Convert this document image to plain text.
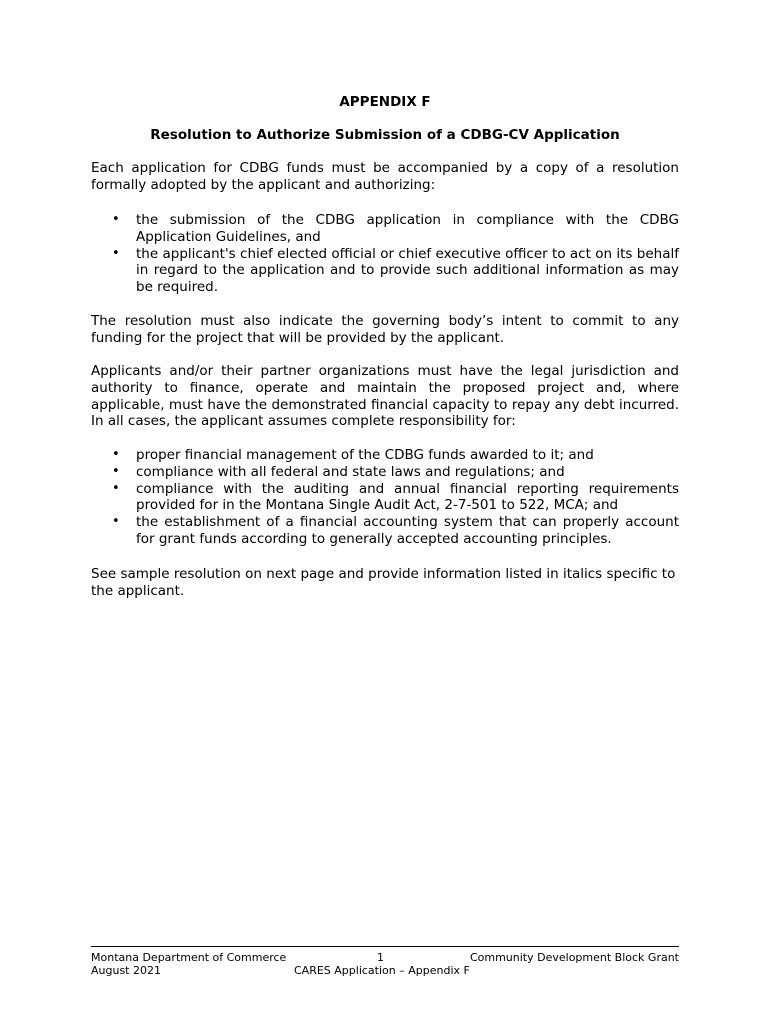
APPENDIX F

Resolution to Authorize Submission of a CDBG-CV Application

Each application for CDBG funds must be accompanied by a copy of a resolution formally adopted by the applicant and authorizing:

• the submission of the CDBG application in compliance with the CDBG Application Guidelines, and
• the applicant's chief elected official or chief executive officer to act on its behalf in regard to the application and to provide such additional information as may be required.

The resolution must also indicate the governing body’s intent to commit to any funding for the project that will be provided by the applicant.

Applicants and/or their partner organizations must have the legal jurisdiction and authority to finance, operate and maintain the proposed project and, where applicable, must have the demonstrated financial capacity to repay any debt incurred. In all cases, the applicant assumes complete responsibility for:

• proper financial management of the CDBG funds awarded to it; and
• compliance with all federal and state laws and regulations; and
• compliance with the auditing and annual financial reporting requirements provided for in the Montana Single Audit Act, 2-7-501 to 522, MCA; and
• the establishment of a financial accounting system that can properly account for grant funds according to generally accepted accounting principles.

See sample resolution on next page and provide information listed in italics specific to the applicant.

Montana Department of Commerce

August 2021

1

CARES Application – Appendix F

Community Development Block Grant
